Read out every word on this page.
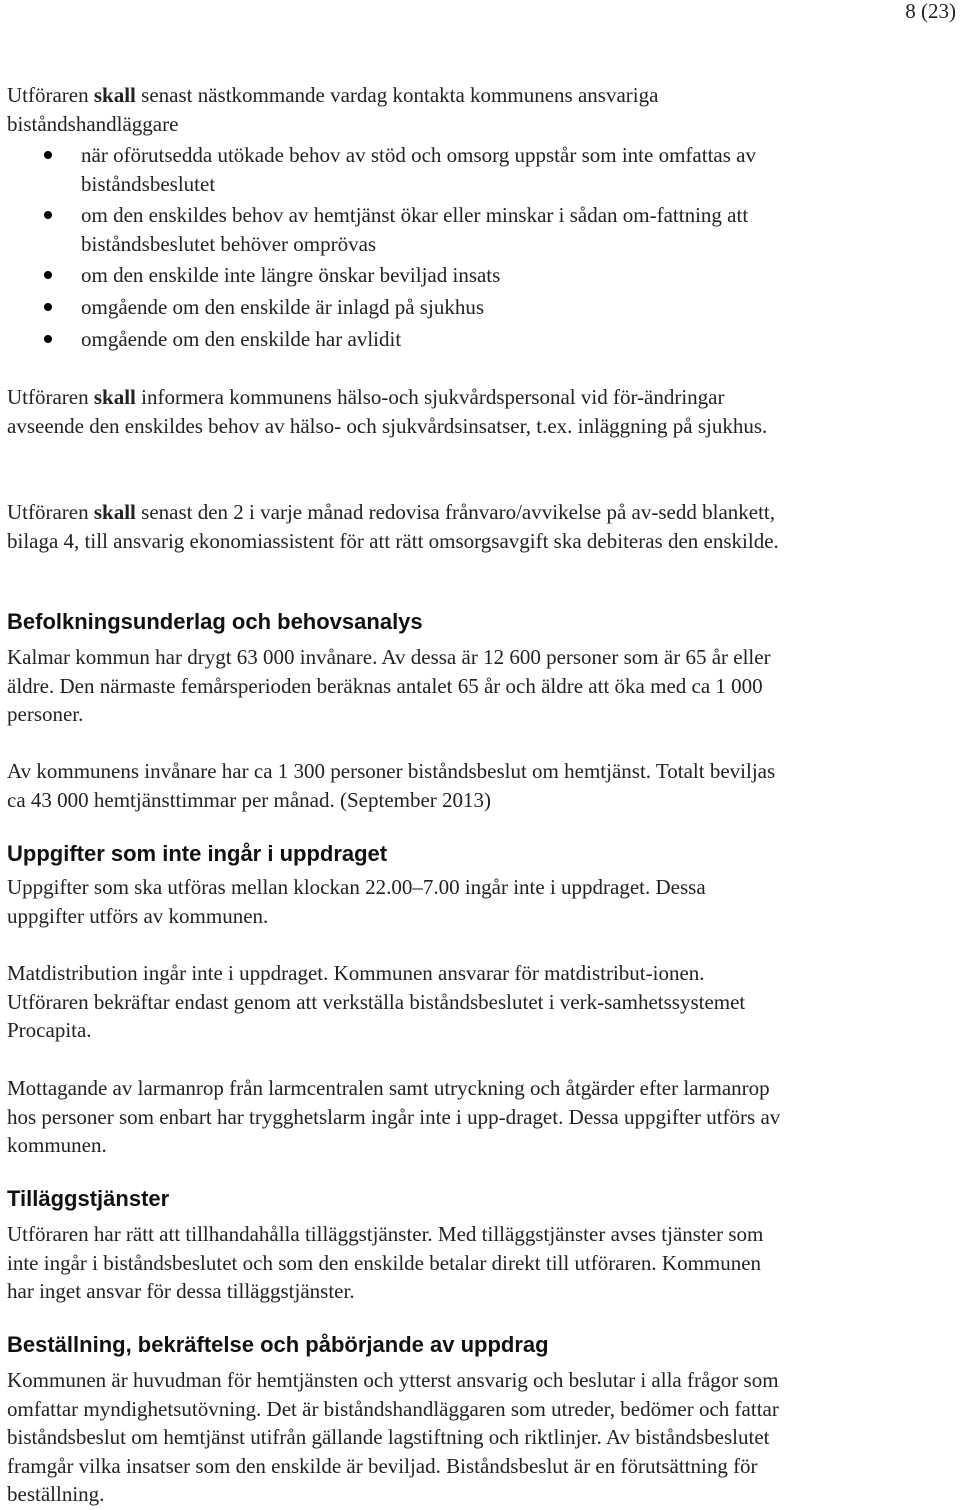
8 (23)

Utföraren skall senast nästkommande vardag kontakta kommunens ansvariga biståndshandläggare

när oförutsedda utökade behov av stöd och omsorg uppstår som inte omfattas av biståndsbeslutet
om den enskildes behov av hemtjänst ökar eller minskar i sådan om-fattning att biståndsbeslutet behöver omprövas
om den enskilde inte längre önskar beviljad insats
omgående om den enskilde är inlagd på sjukhus
omgående om den enskilde har avlidit

Utföraren skall informera kommunens hälso-och sjukvårdspersonal vid för-ändringar avseende den enskildes behov av hälso- och sjukvårdsinsatser, t.ex. inläggning på sjukhus.

Utföraren skall senast den 2 i varje månad redovisa frånvaro/avvikelse på av-sedd blankett, bilaga 4, till ansvarig ekonomiassistent för att rätt omsorgsavgift ska debiteras den enskilde.

Befolkningsunderlag och behovsanalys

Kalmar kommun har drygt 63 000 invånare. Av dessa är 12 600 personer som är 65 år eller äldre. Den närmaste femårsperioden beräknas antalet 65 år och äldre att öka med ca 1 000 personer.

Av kommunens invånare har ca 1 300 personer biståndsbeslut om hemtjänst. Totalt beviljas ca 43 000 hemtjänsttimmar per månad. (September 2013)

Uppgifter som inte ingår i uppdraget

Uppgifter som ska utföras mellan klockan 22.00–7.00 ingår inte i uppdraget. Dessa uppgifter utförs av kommunen.

Matdistribution ingår inte i uppdraget. Kommunen ansvarar för matdistribut-ionen. Utföraren bekräftar endast genom att verkställa biståndsbeslutet i verk-samhetssystemet Procapita.

Mottagande av larmanrop från larmcentralen samt utryckning och åtgärder efter larmanrop hos personer som enbart har trygghetslarm ingår inte i upp-draget. Dessa uppgifter utförs av kommunen.

Tilläggstjänster

Utföraren har rätt att tillhandahålla tilläggstjänster. Med tilläggstjänster avses tjänster som inte ingår i biståndsbeslutet och som den enskilde betalar direkt till utföraren. Kommunen har inget ansvar för dessa tilläggstjänster.

Beställning, bekräftelse och påbörjande av uppdrag

Kommunen är huvudman för hemtjänsten och ytterst ansvarig och beslutar i alla frågor som omfattar myndighetsutövning. Det är biståndshandläggaren som utreder, bedömer och fattar biståndsbeslut om hemtjänst utifrån gällande lagstiftning och riktlinjer. Av biståndsbeslutet framgår vilka insatser som den enskilde är beviljad. Biståndsbeslut är en förutsättning för beställning.
